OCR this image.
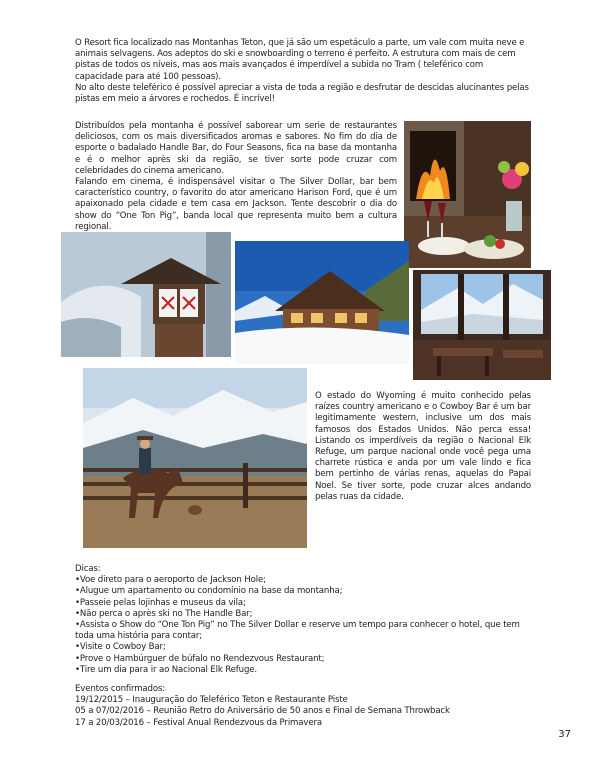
O Resort fica localizado nas Montanhas Teton, que já são um espetáculo a parte, um vale com muita neve e animais selvagens. Aos adeptos do ski e snowboarding o terreno é perfeito. A estrutura com mais de cem pistas de todos os níveis, mas aos mais avançados é imperdível a subida no Tram ( teleférico com capacidade para até 100 pessoas).

No alto deste teleférico é possível apreciar a vista de toda a região e desfrutar de descidas alucinantes pelas pistas em meio a árvores e rochedos. É incrível!

Distribuídos pela montanha é possível saborear um serie de restaurantes deliciosos, com os mais diversificados aromas e sabores. No fim do dia de esporte o badalado Handle Bar, do Four Seasons, fica na base da montanha e é o melhor après ski da região, se tiver sorte pode cruzar com celebridades do cinema americano.

Falando em cinema, é indispensável visitar o The Silver Dollar, bar bem característico country, o favorito do ator americano Harison Ford, que é um apaixonado pela cidade e tem casa em Jackson. Tente descobrir o dia do show do “One Ton Pig”, banda local que representa muito bem a cultura regional.

O estado do Wyoming é muito conhecido pelas raízes country americano e o Cowboy Bar é um bar legitimamente western, inclusive um dos mais famosos dos Estados Unidos. Não perca essa! Listando os imperdíveis da região o Nacional Elk Refuge, um parque nacional onde você pega uma charrete rústica e anda por um vale lindo e fica bem pertinho de várias renas, aquelas do Papai Noel. Se tiver sorte, pode cruzar alces andando pelas ruas da cidade.

Dicas:

•Voe direto para o aeroporto de Jackson Hole;

•Alugue um apartamento ou condomínio na base da montanha;

•Passeie pelas lojinhas e museus da vila;

•Não perca o après ski no The Handle Bar;

•Assista o Show do “One Ton Pig” no The Silver Dollar e reserve um tempo para conhecer o hotel, que tem toda uma história para contar;

•Visite o Cowboy Bar;

•Prove o Hambúrguer de búfalo no Rendezvous Restaurant;

•Tire um dia para ir ao Nacional Elk Refuge.

Eventos confirmados:

19/12/2015 – Inauguração do Teleférico Teton e Restaurante Piste

05 a 07/02/2016 – Reunião Retro do Aniversário de 50 anos e Final de Semana Throwback

17 a 20/03/2016 – Festival Anual Rendezvous da Primavera

37
